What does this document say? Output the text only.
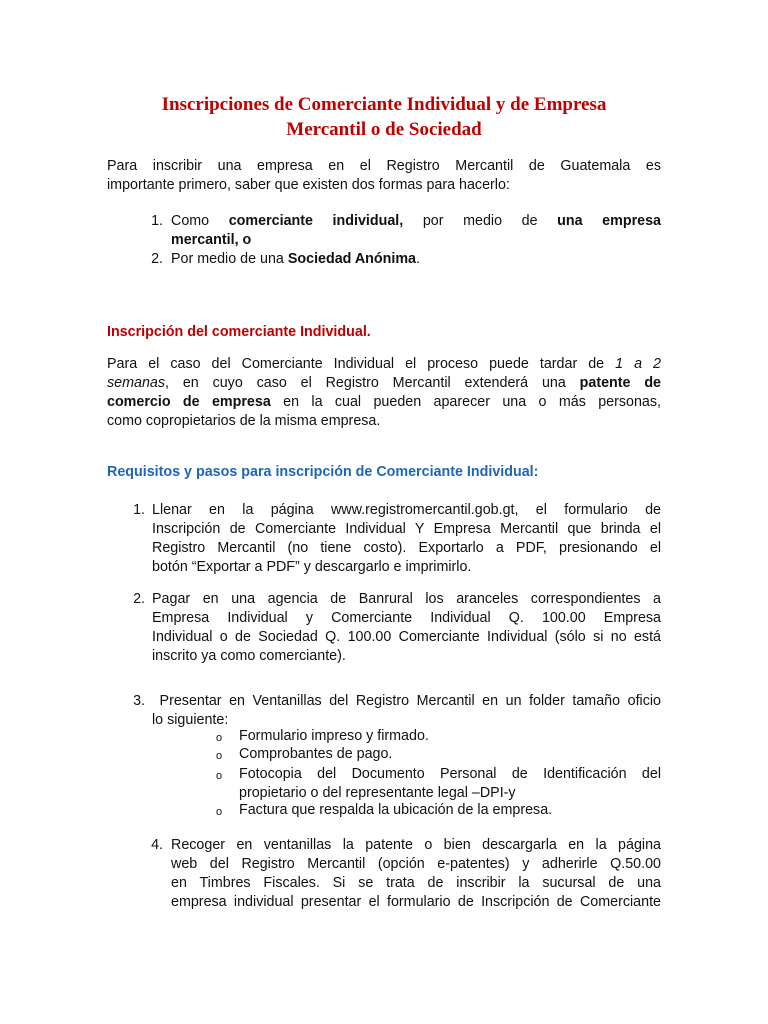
Inscripciones de Comerciante Individual y de Empresa
Mercantil o de Sociedad
Para inscribir una empresa en el Registro Mercantil de Guatemala es
importante primero, saber que existen dos formas para hacerlo:
1. Como comerciante individual, por medio de una empresa
mercantil, o
2. Por medio de una Sociedad Anónima.
Inscripción del comerciante Individual.
Para el caso del Comerciante Individual el proceso puede tardar de 1 a 2
semanas, en cuyo caso el Registro Mercantil extenderá una patente de
comercio de empresa en la cual pueden aparecer una o más personas,
como copropietarios de la misma empresa.
Requisitos y pasos para inscripción de Comerciante Individual:
1. Llenar en la página www.registromercantil.gob.gt, el formulario de
Inscripción de Comerciante Individual Y Empresa Mercantil que brinda el
Registro Mercantil (no tiene costo). Exportarlo a PDF, presionando el
botón “Exportar a PDF” y descargarlo e imprimirlo.
2. Pagar en una agencia de Banrural los aranceles correspondientes a
Empresa Individual y Comerciante Individual Q. 100.00 Empresa
Individual o de Sociedad Q. 100.00 Comerciante Individual (sólo si no está
inscrito ya como comerciante).
3. Presentar en Ventanillas del Registro Mercantil en un folder tamaño oficio
lo siguiente:
o	Formulario impreso y firmado.
o	Comprobantes de pago.
o	Fotocopia del Documento Personal de Identificación del
propietario o del representante legal –DPI-y
o	Factura que respalda la ubicación de la empresa.
4. Recoger en ventanillas la patente o bien descargarla en la página
web del Registro Mercantil (opción e-patentes) y adherirle Q.50.00
en Timbres Fiscales. Si se trata de inscribir la sucursal de una
empresa individual presentar el formulario de Inscripción de Comerciante
